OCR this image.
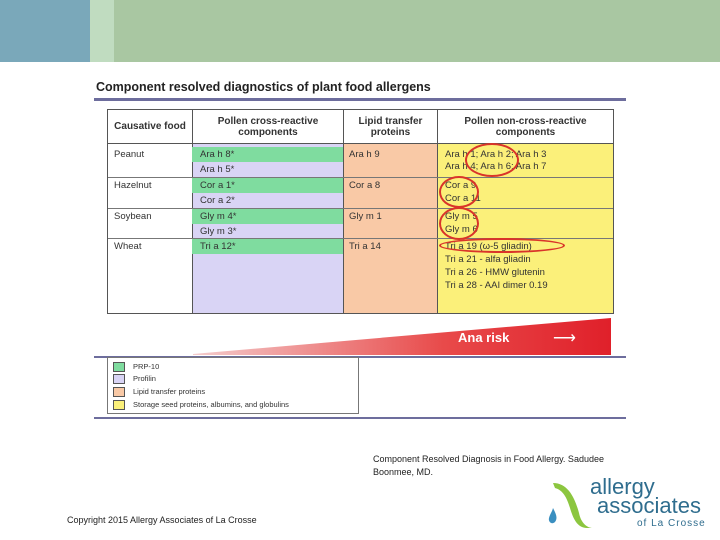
Component resolved diagnostics of plant food allergens
Causative food	Pollen cross-reactive components
Lipid transfer proteins
Pollen non-cross-reactive components
Peanut
Hazelnut
Soybean
Wheat
Ara h 8*
Ara h 5*
Cor a 1*
Cor a 2*
Gly m 4*
Gly m 3*
Tri a 12*
Ara h 9
Cor a 8
Gly m 1
Tri a 14
Ara h 1; Ara h 2; Ara h 3
Ara h 4; Ara h 6; Ara h 7
Cor a 9
Cor a 11
Gly m 5
Gly m 6
Tri a 19 (ω-5 gliadin)
Tri a 21 - alfa gliadin
Tri a 26 - HMW glutenin
Tri a 28 - AAI dimer 0.19
Ana risk	⟶
PRP-10
Profilin
Lipid transfer proteins
Storage seed proteins, albumins, and globulins
Component Resolved Diagnosis in Food Allergy. Sadudee Boonmee, MD.
Copyright 2015 Allergy Associates of La Crosse
allergy
associates
of La Crosse
